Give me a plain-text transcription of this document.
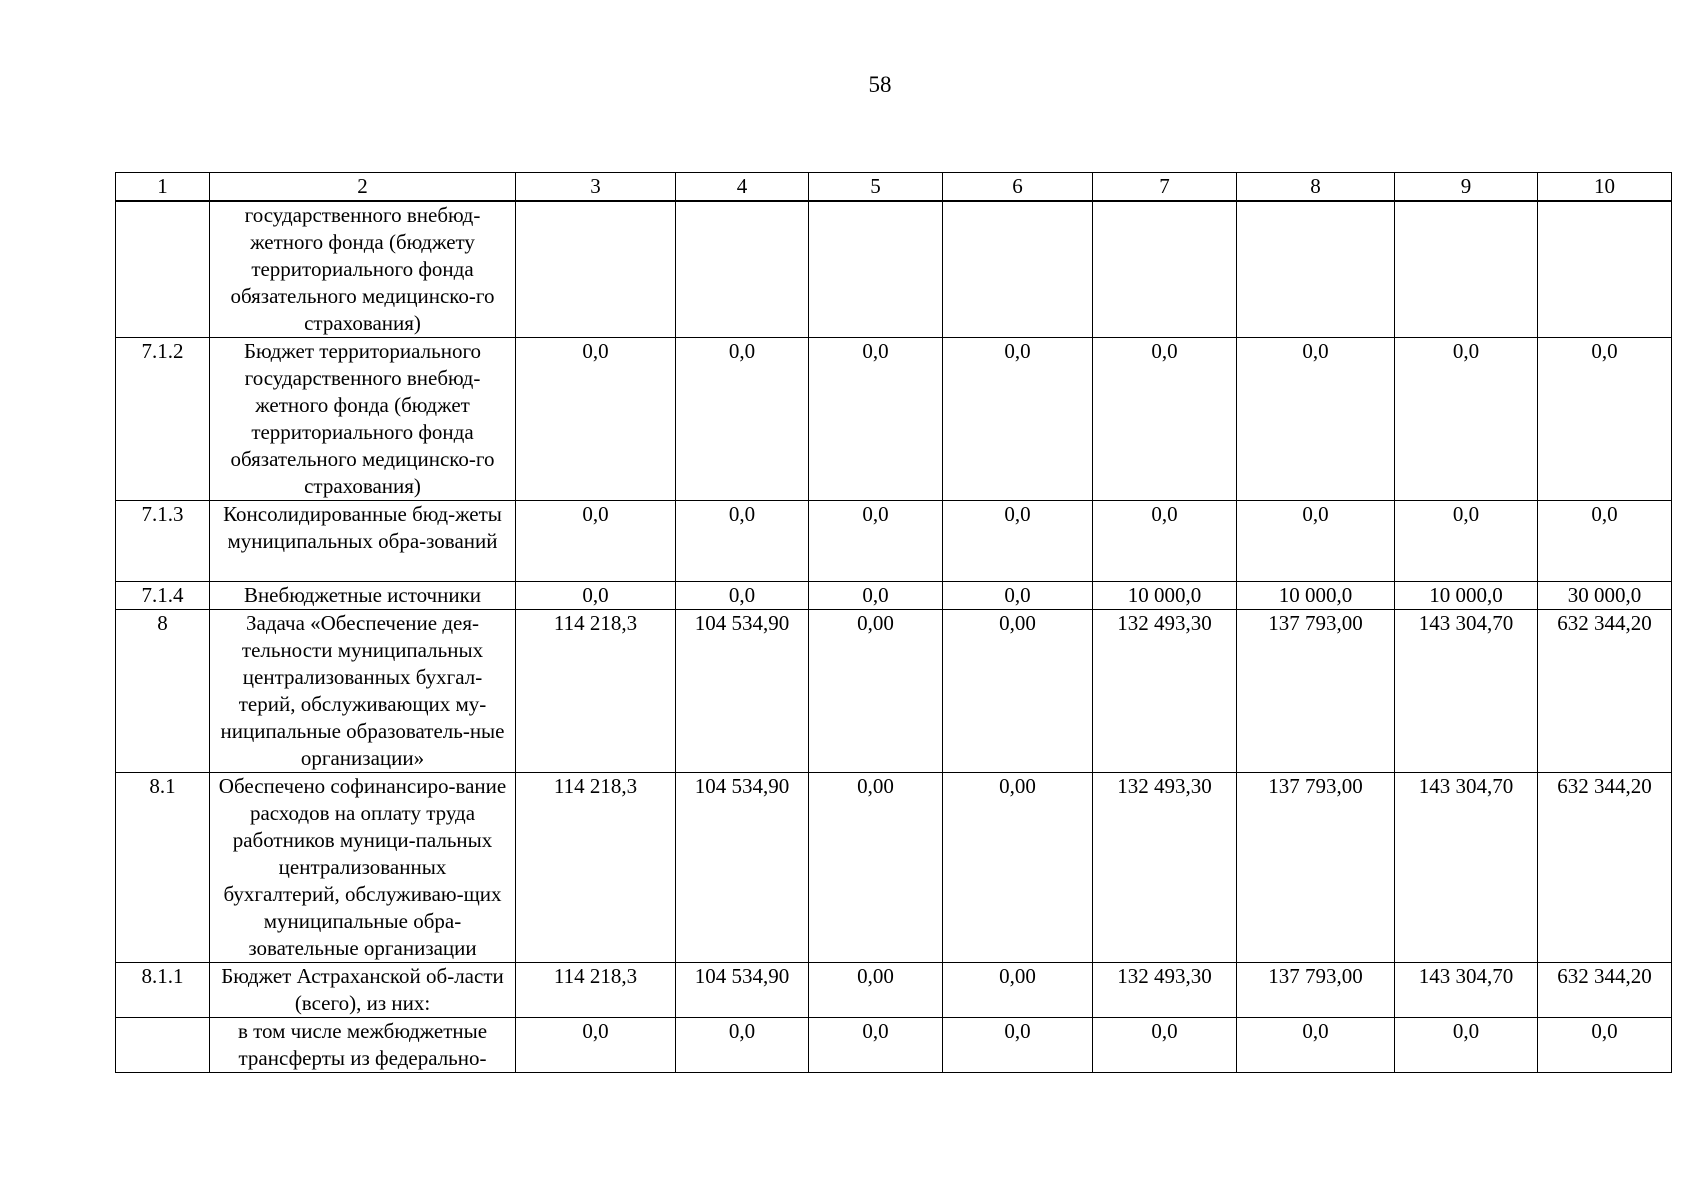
58
1	2	3	4	5	6	7	8	9	10
	государственного внебюд-жетного фонда (бюджету территориального фонда обязательного медицинско-го страхования)								
7.1.2	Бюджет территориального государственного внебюд-жетного фонда (бюджет территориального фонда обязательного медицинско-го страхования)	0,0	0,0	0,0	0,0	0,0	0,0	0,0	0,0
7.1.3	Консолидированные бюд-жеты муниципальных обра-зований	0,0	0,0	0,0	0,0	0,0	0,0	0,0	0,0
7.1.4	Внебюджетные источники	0,0	0,0	0,0	0,0	10 000,0	10 000,0	10 000,0	30 000,0
8	Задача «Обеспечение дея-тельности муниципальных централизованных бухгал-терий, обслуживающих му-ниципальные образователь-ные организации»	114 218,3	104 534,90	0,00	0,00	132 493,30	137 793,00	143 304,70	632 344,20
8.1	Обеспечено софинансиро-вание расходов на оплату труда работников муници-пальных централизованных бухгалтерий, обслуживаю-щих муниципальные обра-зовательные организации	114 218,3	104 534,90	0,00	0,00	132 493,30	137 793,00	143 304,70	632 344,20
8.1.1	Бюджет Астраханской об-ласти (всего), из них:	114 218,3	104 534,90	0,00	0,00	132 493,30	137 793,00	143 304,70	632 344,20
	в том числе межбюджетные трансферты из федерально-	0,0	0,0	0,0	0,0	0,0	0,0	0,0	0,0
